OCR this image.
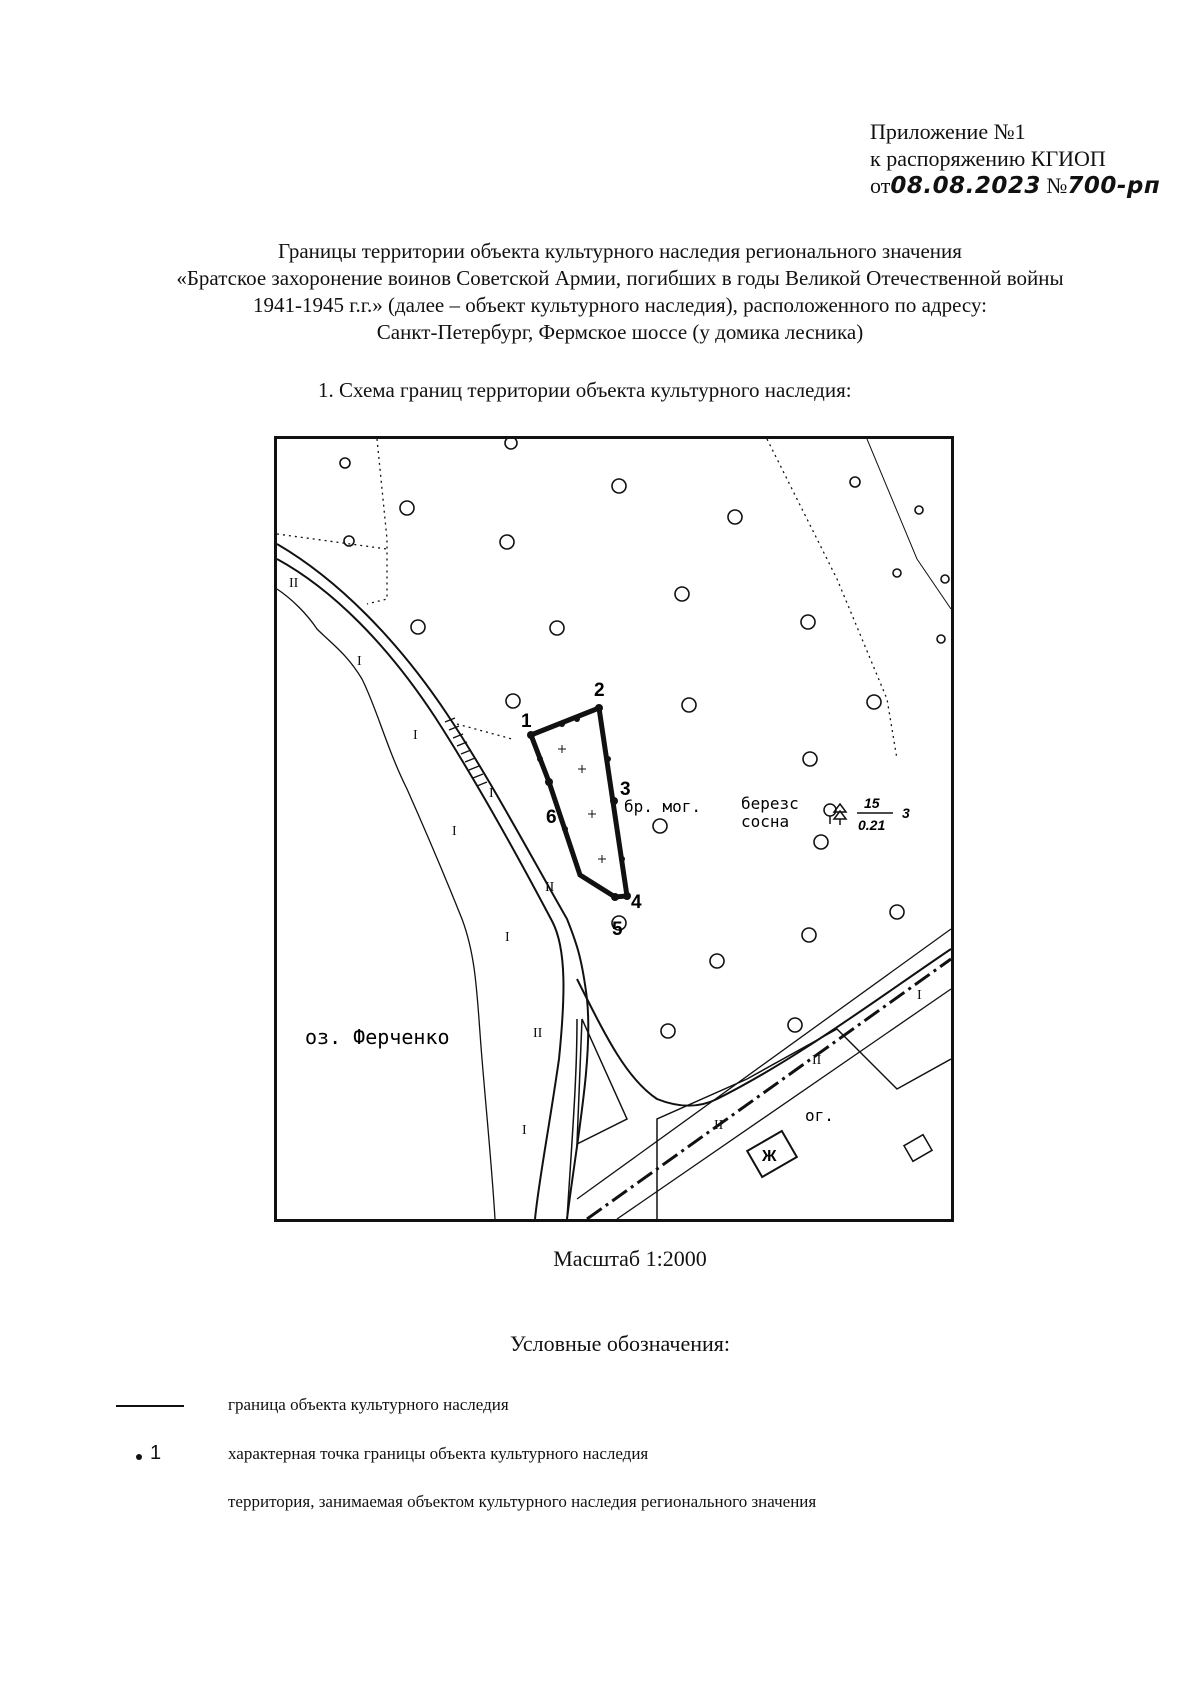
Приложение №1
к распоряжению КГИОП
от08.08.2023 №700-рп
Границы территории объекта культурного наследия регионального значения
«Братское захоронение воинов Советской Армии, погибших в годы Великой Отечественной войны
1941-1945 г.г.» (далее – объект культурного наследия), расположенного по адресу:
Санкт-Петербург, Фермское шоссе (у домика лесника)
1. Схема границ территории объекта культурного наследия:
1
2
3
4
5
6
бр. мог. березс
сосна
15
0.21
3
оз. Ферченко
ог.
Ж
II
I
I
I
I
II
I
II
I
I
II
II
Масштаб 1:2000
Условные обозначения:
граница объекта культурного наследия
1	характерная точка границы объекта культурного наследия
территория, занимаемая объектом культурного наследия регионального значения
